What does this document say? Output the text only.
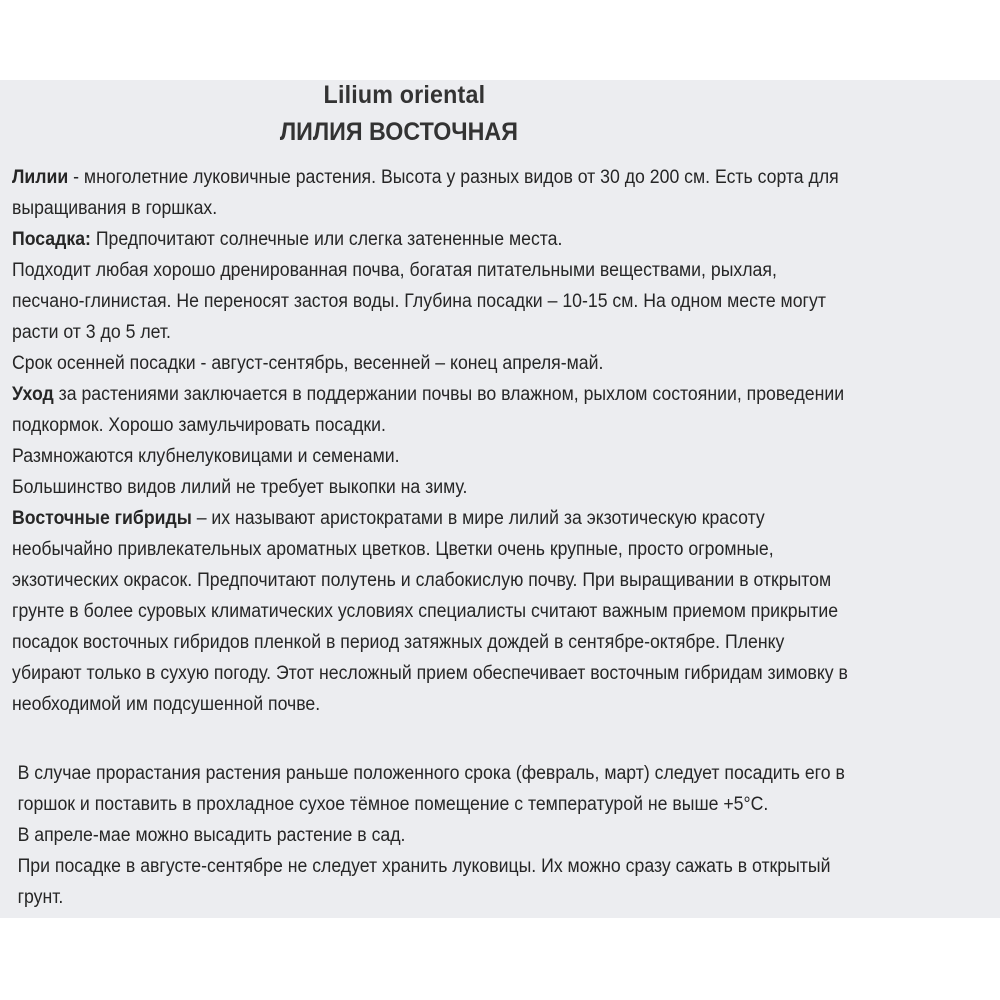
Lilium oriental
ЛИЛИЯ ВОСТОЧНАЯ

Лилии - многолетние луковичные растения. Высота у разных видов от 30 до 200 см. Есть сорта для

выращивания в горшках.

Посадка: Предпочитают солнечные или слегка затененные места.

Подходит любая хорошо дренированная почва, богатая питательными веществами, рыхлая,

песчано-глинистая. Не переносят застоя воды. Глубина посадки – 10-15 см. На одном месте могут

расти от 3 до 5 лет.

Срок осенней посадки - август-сентябрь, весенней – конец апреля-май.

Уход за растениями заключается в поддержании почвы во влажном, рыхлом состоянии, проведении

подкормок. Хорошо замульчировать посадки.

Размножаются клубнелуковицами и семенами.

Большинство видов лилий не требует выкопки на зиму.

Восточные гибриды – их называют аристократами в мире лилий за экзотическую красоту

необычайно привлекательных ароматных цветков. Цветки очень крупные, просто огромные,

экзотических окрасок. Предпочитают полутень и слабокислую почву. При выращивании в открытом

грунте в более суровых климатических условиях специалисты считают важным приемом прикрытие

посадок восточных гибридов пленкой в период затяжных дождей в сентябре-октябре. Пленку

убирают только в сухую погоду. Этот несложный прием обеспечивает восточным гибридам зимовку в

необходимой им подсушенной почве.

В случае прорастания растения раньше положенного срока (февраль, март) следует посадить его в

горшок и поставить в прохладное сухое тёмное помещение с температурой не выше +5°С.

В апреле-мае можно высадить растение в сад.

При посадке в августе-сентябре не следует хранить луковицы. Их можно сразу сажать в открытый

грунт.
